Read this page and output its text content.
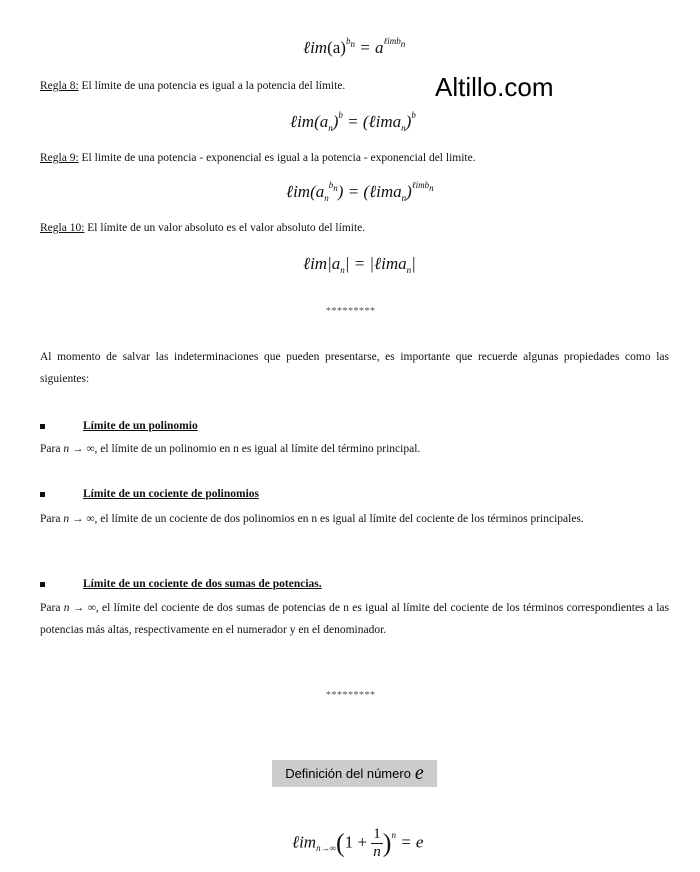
$\ell im(a)^{b_n} = a^{\ell imb_n}$
Regla 8: El límite de una potencia es igual a la potencia del límite.	Altillo.com
$\ell im(a_n)^b$ = (ℓima$_n$)$^b$
Regla 9: El limite de una potencia - exponencial es igual a la potencia - exponencial del limite.
$\ell im(a_n^{b_n})$ = (ℓima$_n$)$^{\ell imb_n}$
Regla 10: El límite de un valor absoluto es el valor absoluto del límite.
$\ell im|a_n|$ = |ℓima$_n$|
*********
Al momento de salvar las indeterminaciones que pueden presentarse, es importante que recuerde algunas propiedades como las siguientes:
Límite de un polinomio
Para n → ∞, el límite de un polinomio en n es igual al límite del término principal.
Límite de un cociente de polinomios
Para n → ∞, el límite de un cociente de dos polinomios en n es igual al límite del cociente de los términos principales.
Límite de un cociente de dos sumas de potencias.
Para n → ∞, el límite del cociente de dos sumas de potencias de n es igual al límite del cociente de los términos correspondientes a las potencias más altas, respectivamente en el numerador y en el denominador.
*********
Definición del número e
ℓim$_{n\to\infty}$(1 + $\frac{1}{n} )^n = e$
